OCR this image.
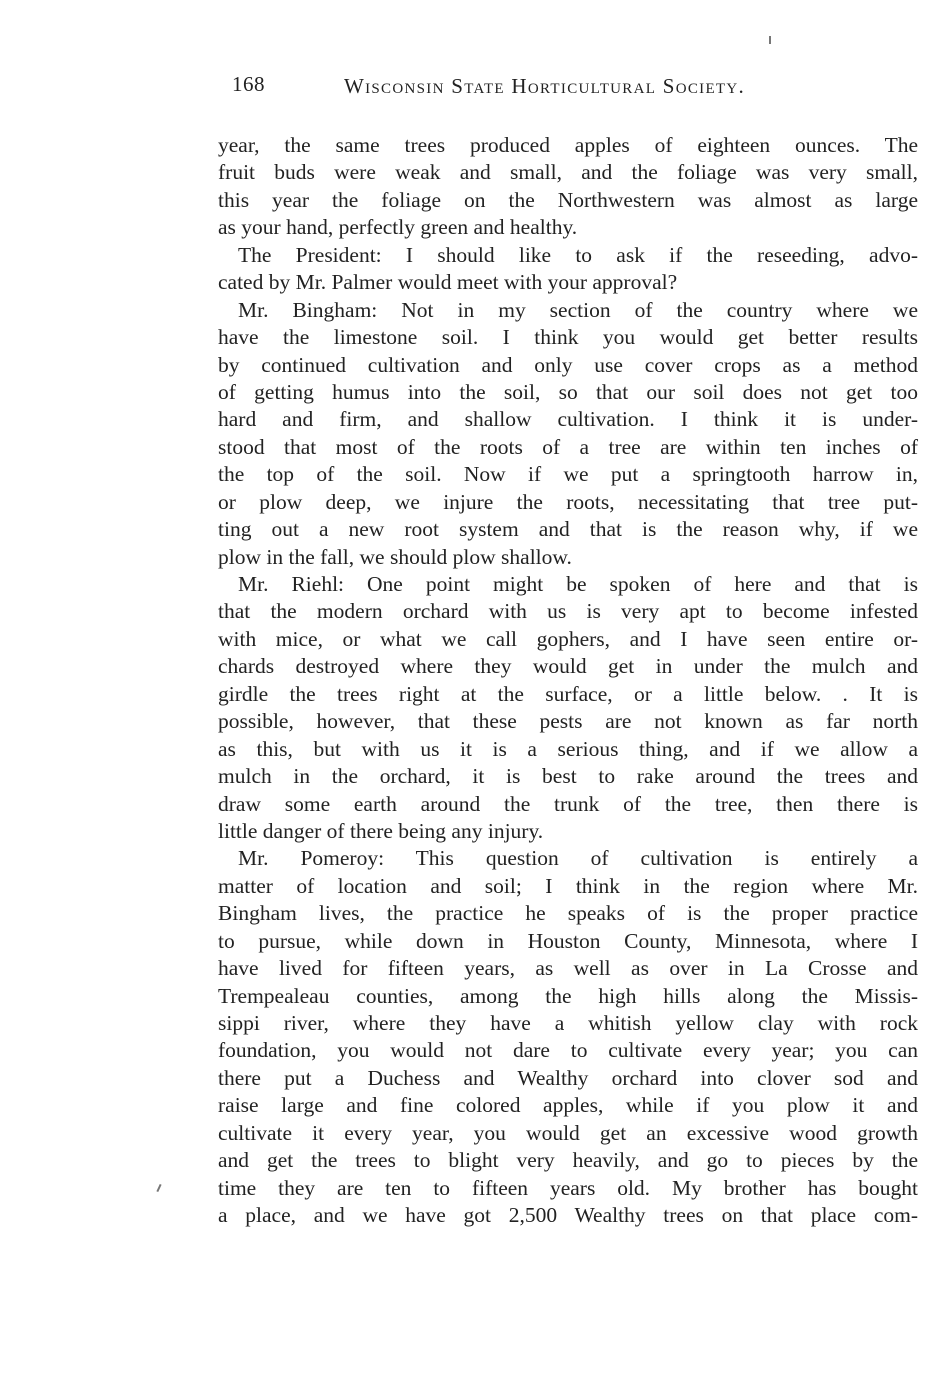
168	Wisconsin State Horticultural Society.
year, the same trees produced apples of eighteen ounces. The
fruit buds were weak and small, and the foliage was very small,
this year the foliage on the Northwestern was almost as large
as your hand, perfectly green and healthy.
The President: I should like to ask if the reseeding, advo-
cated by Mr. Palmer would meet with your approval?
Mr. Bingham: Not in my section of the country where we
have the limestone soil. I think you would get better results
by continued cultivation and only use cover crops as a method
of getting humus into the soil, so that our soil does not get too
hard and firm, and shallow cultivation. I think it is under-
stood that most of the roots of a tree are within ten inches of
the top of the soil. Now if we put a springtooth harrow in,
or plow deep, we injure the roots, necessitating that tree put-
ting out a new root system and that is the reason why, if we
plow in the fall, we should plow shallow.
Mr. Riehl: One point might be spoken of here and that is
that the modern orchard with us is very apt to become infested
with mice, or what we call gophers, and I have seen entire or-
chards destroyed where they would get in under the mulch and
girdle the trees right at the surface, or a little below. . It is
possible, however, that these pests are not known as far north
as this, but with us it is a serious thing, and if we allow a
mulch in the orchard, it is best to rake around the trees and
draw some earth around the trunk of the tree, then there is
little danger of there being any injury.
Mr. Pomeroy: This question of cultivation is entirely a
matter of location and soil; I think in the region where Mr.
Bingham lives, the practice he speaks of is the proper practice
to pursue, while down in Houston County, Minnesota, where I
have lived for fifteen years, as well as over in La Crosse and
Trempealeau counties, among the high hills along the Missis-
sippi river, where they have a whitish yellow clay with rock
foundation, you would not dare to cultivate every year; you can
there put a Duchess and Wealthy orchard into clover sod and
raise large and fine colored apples, while if you plow it and
cultivate it every year, you would get an excessive wood growth
and get the trees to blight very heavily, and go to pieces by the
time they are ten to fifteen years old. My brother has bought
a place, and we have got 2,500 Wealthy trees on that place com-
